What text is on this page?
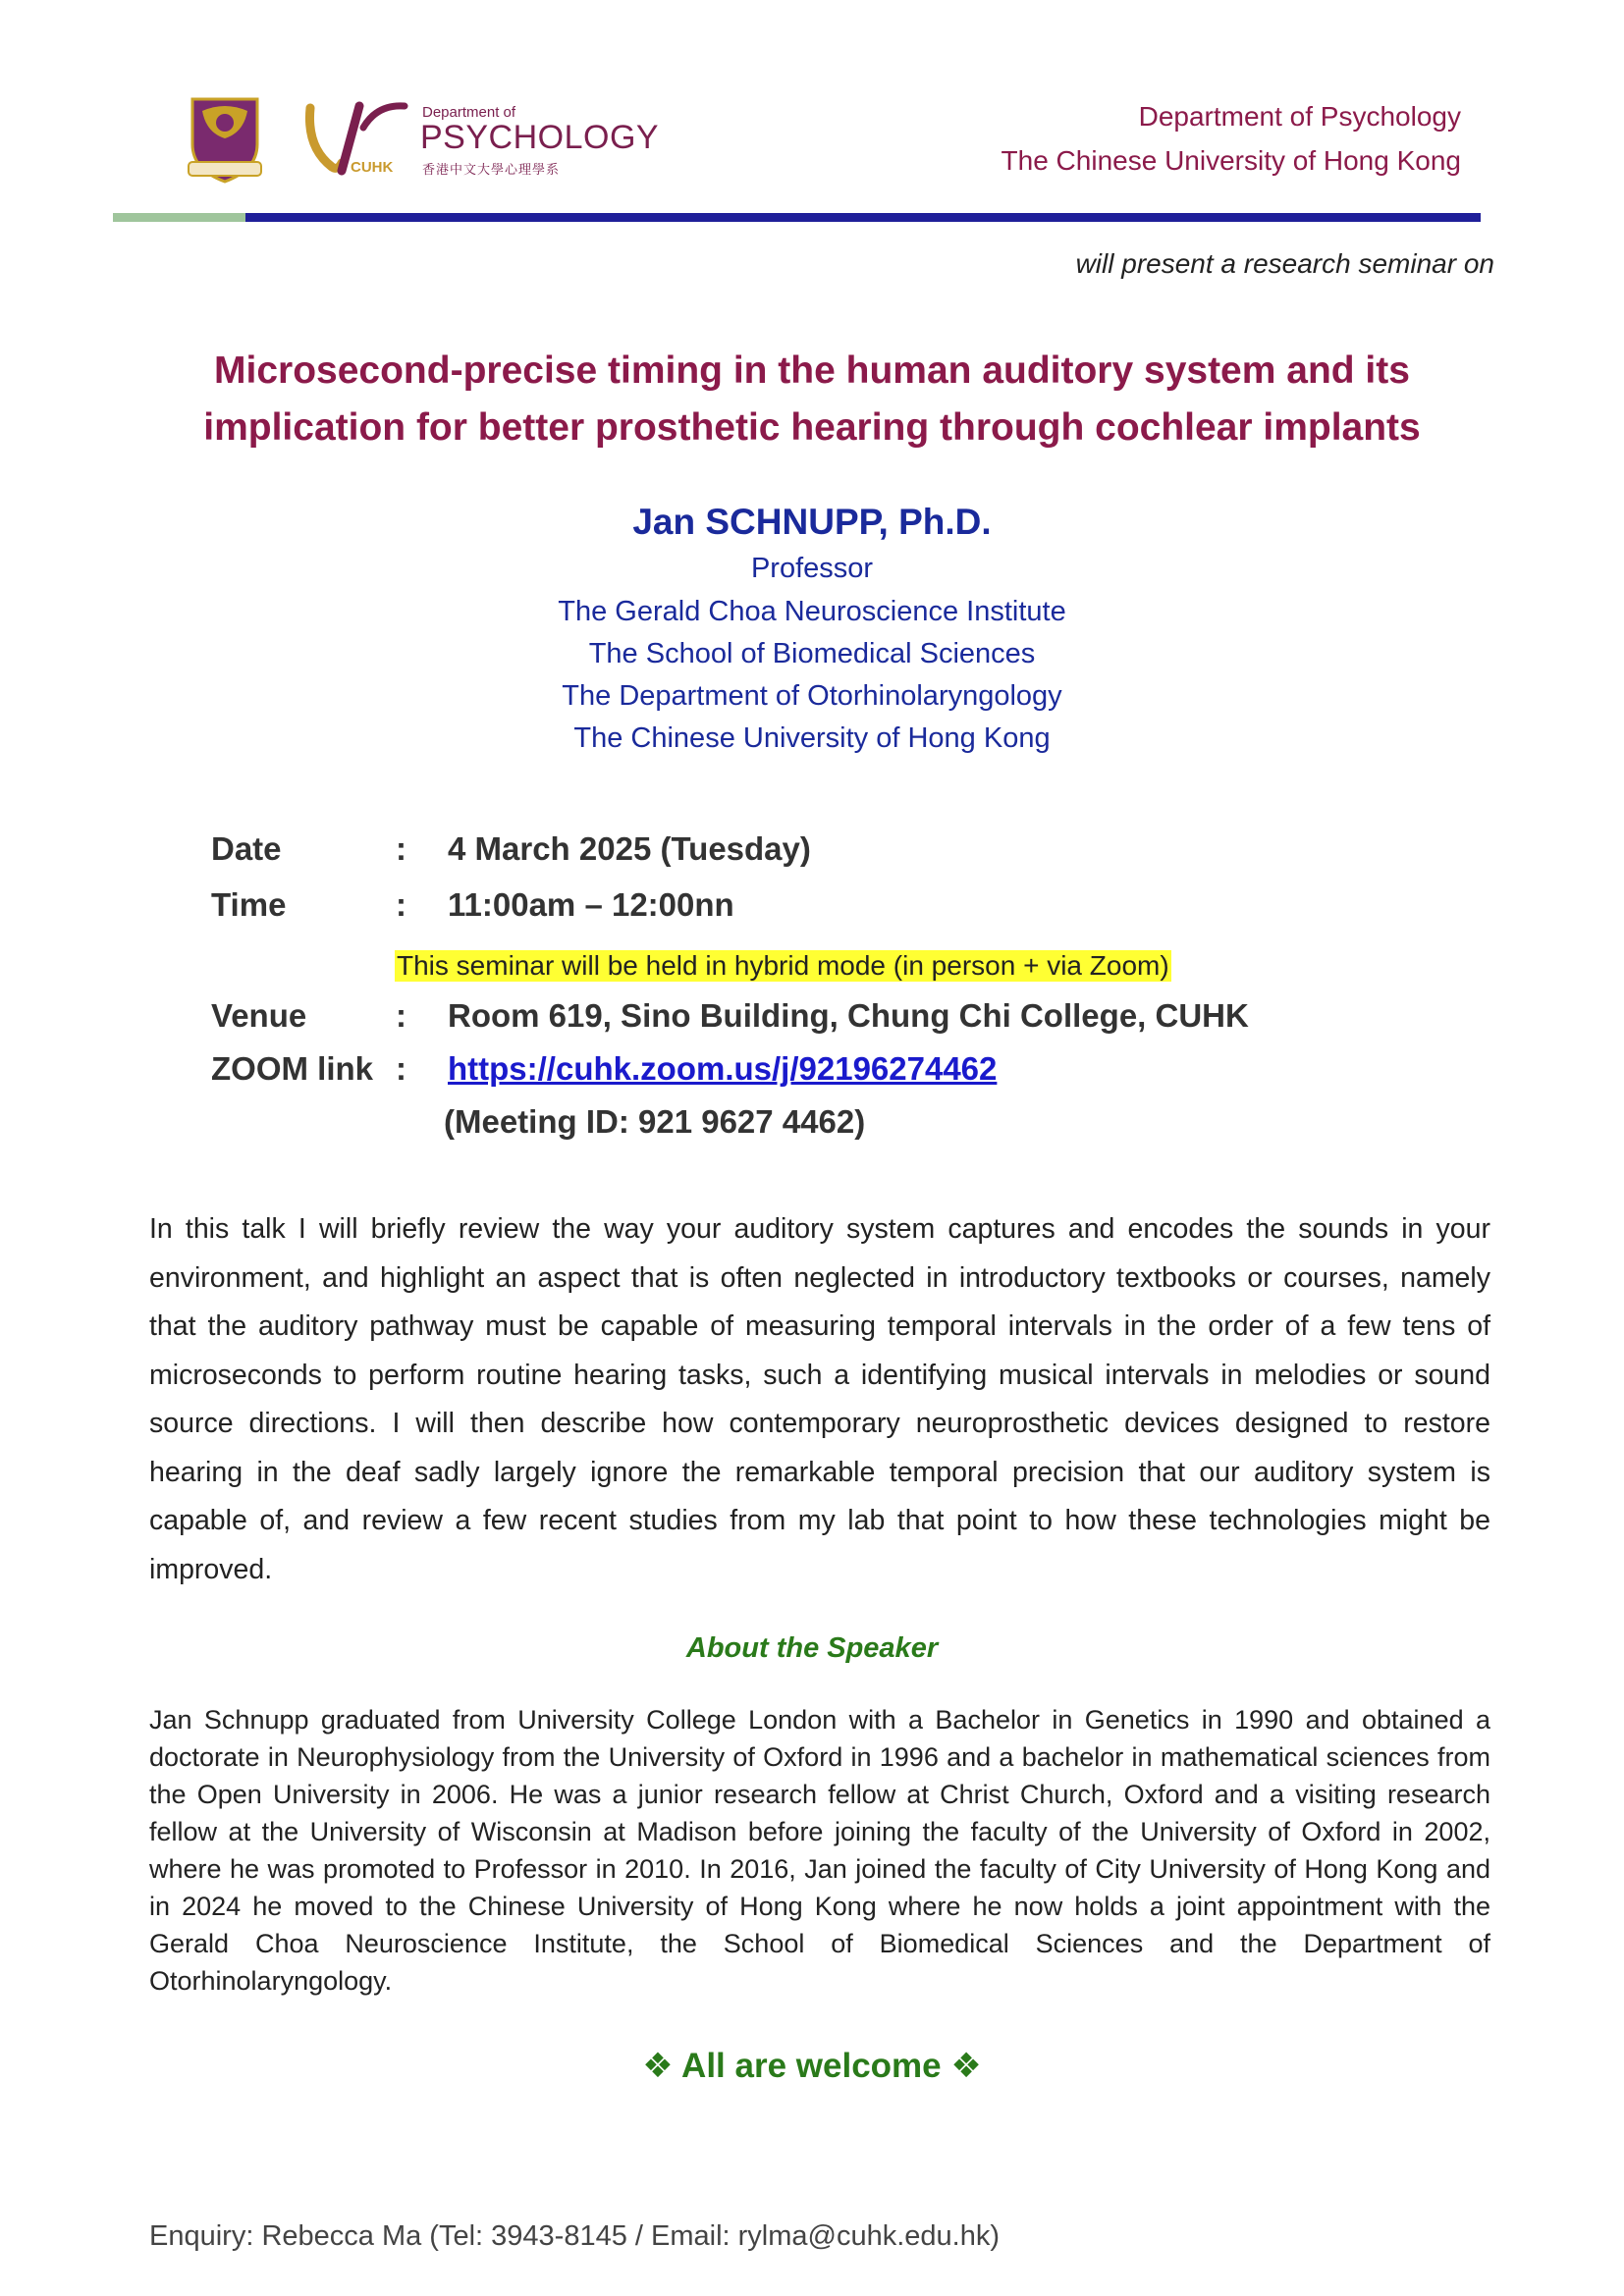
Department of
PSYCHOLOGY
CUHK 香港中文大學心理學系
Department of Psychology
The Chinese University of Hong Kong
will present a research seminar on
Microsecond-precise timing in the human auditory system and its
implication for better prosthetic hearing through cochlear implants
Jan SCHNUPP, Ph.D.
Professor
The Gerald Choa Neuroscience Institute
The School of Biomedical Sciences
The Department of Otorhinolaryngology
The Chinese University of Hong Kong
Date	: 4 March 2025 (Tuesday)
Time	: 11:00am – 12:00nn
This seminar will be held in hybrid mode (in person + via Zoom)
Venue	: Room 619, Sino Building, Chung Chi College, CUHK
ZOOM link : https://cuhk.zoom.us/j/92196274462
(Meeting ID: 921 9627 4462)
In this talk I will briefly review the way your auditory system captures and encodes the sounds in your environment, and highlight an aspect that is often neglected in introductory textbooks or courses, namely that the auditory pathway must be capable of measuring temporal intervals in the order of a few tens of microseconds to perform routine hearing tasks, such a identifying musical intervals in melodies or sound source directions. I will then describe how contemporary neuroprosthetic devices designed to restore hearing in the deaf sadly largely ignore the remarkable temporal precision that our auditory system is capable of, and review a few recent studies from my lab that point to how these technologies might be improved.
About the Speaker
Jan Schnupp graduated from University College London with a Bachelor in Genetics in 1990 and obtained a doctorate in Neurophysiology from the University of Oxford in 1996 and a bachelor in mathematical sciences from the Open University in 2006. He was a junior research fellow at Christ Church, Oxford and a visiting research fellow at the University of Wisconsin at Madison before joining the faculty of the University of Oxford in 2002, where he was promoted to Professor in 2010. In 2016, Jan joined the faculty of City University of Hong Kong and in 2024 he moved to the Chinese University of Hong Kong where he now holds a joint appointment with the Gerald Choa Neuroscience Institute, the School of Biomedical Sciences and the Department of Otorhinolaryngology.
❖ All are welcome ❖
Enquiry: Rebecca Ma (Tel: 3943-8145 / Email: rylma@cuhk.edu.hk)
